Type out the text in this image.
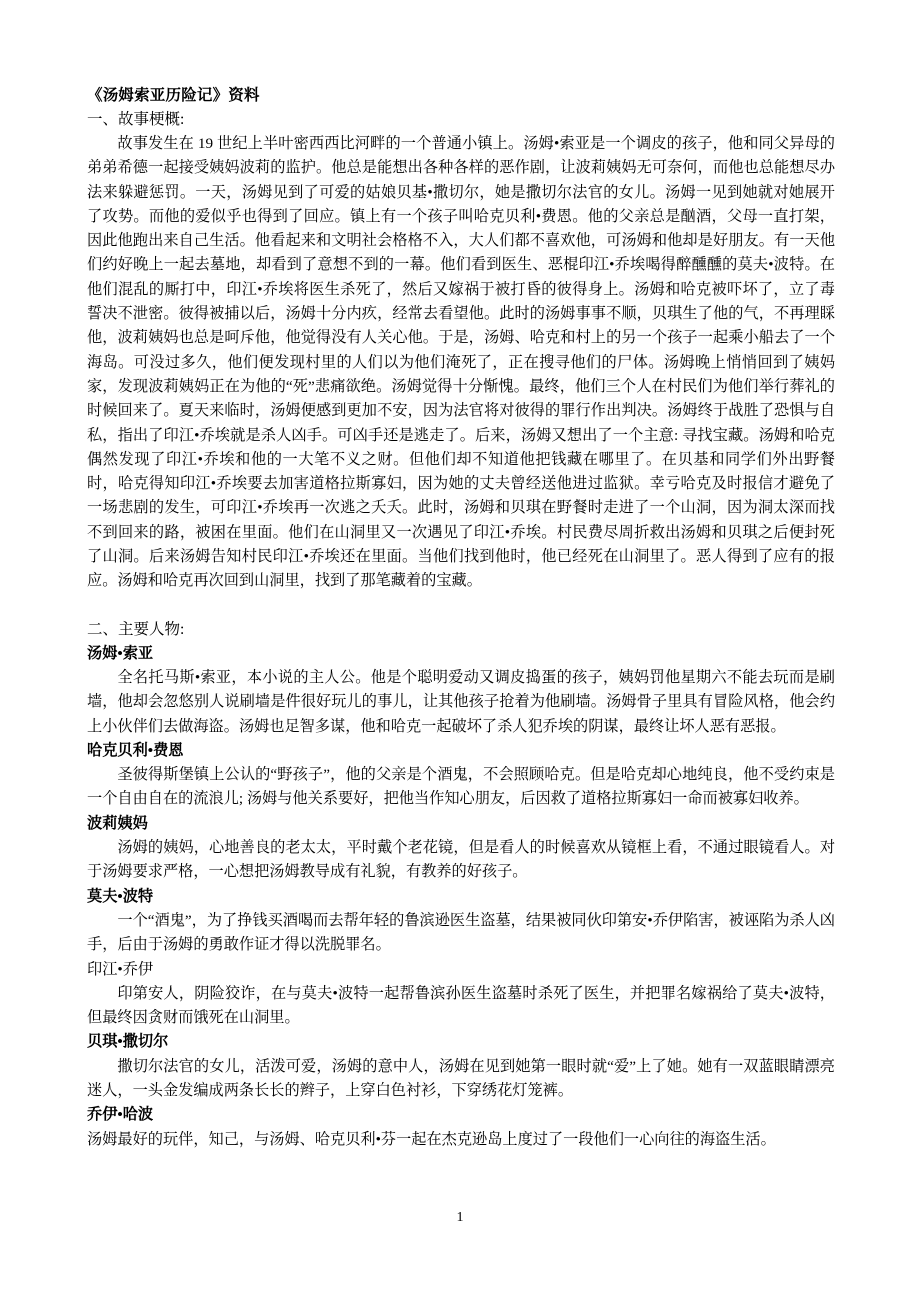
《汤姆索亚历险记》资料
一、故事梗概:

故事发生在 19 世纪上半叶密西西比河畔的一个普通小镇上。汤姆•索亚是一个调皮的孩子，他和同父异母的弟弟希德一起接受姨妈波莉的监护。他总是能想出各种各样的恶作剧，让波莉姨妈无可奈何，而他也总能想尽办法来躲避惩罚。一天，汤姆见到了可爱的姑娘贝基•撒切尔，她是撒切尔法官的女儿。汤姆一见到她就对她展开了攻势。而他的爱似乎也得到了回应。镇上有一个孩子叫哈克贝利•费恩。他的父亲总是酗酒，父母一直打架，因此他跑出来自己生活。他看起来和文明社会格格不入，大人们都不喜欢他，可汤姆和他却是好朋友。有一天他们约好晚上一起去墓地，却看到了意想不到的一幕。他们看到医生、恶棍印江•乔埃喝得醉醺醺的莫夫•波特。在他们混乱的厮打中，印江•乔埃将医生杀死了，然后又嫁祸于被打昏的彼得身上。汤姆和哈克被吓坏了，立了毒誓决不泄密。彼得被捕以后，汤姆十分内疚，经常去看望他。此时的汤姆事事不顺，贝琪生了他的气，不再理睬他，波莉姨妈也总是呵斥他，他觉得没有人关心他。于是，汤姆、哈克和村上的另一个孩子一起乘小船去了一个海岛。可没过多久，他们便发现村里的人们以为他们淹死了，正在搜寻他们的尸体。汤姆晚上悄悄回到了姨妈家，发现波莉姨妈正在为他的“死”悲痛欲绝。汤姆觉得十分惭愧。最终，他们三个人在村民们为他们举行葬礼的时候回来了。夏天来临时，汤姆便感到更加不安，因为法官将对彼得的罪行作出判决。汤姆终于战胜了恐惧与自私，指出了印江•乔埃就是杀人凶手。可凶手还是逃走了。后来，汤姆又想出了一个主意: 寻找宝藏。汤姆和哈克偶然发现了印江•乔埃和他的一大笔不义之财。但他们却不知道他把钱藏在哪里了。在贝基和同学们外出野餐时，哈克得知印江•乔埃要去加害道格拉斯寡妇，因为她的丈夫曾经送他进过监狱。幸亏哈克及时报信才避免了一场悲剧的发生，可印江•乔埃再一次逃之夭夭。此时，汤姆和贝琪在野餐时走进了一个山洞，因为洞太深而找不到回来的路，被困在里面。他们在山洞里又一次遇见了印江•乔埃。村民费尽周折救出汤姆和贝琪之后便封死了山洞。后来汤姆告知村民印江•乔埃还在里面。当他们找到他时，他已经死在山洞里了。恶人得到了应有的报应。汤姆和哈克再次回到山洞里，找到了那笔藏着的宝藏。

二、主要人物:
汤姆•索亚

全名托马斯•索亚，本小说的主人公。他是个聪明爱动又调皮捣蛋的孩子，姨妈罚他星期六不能去玩而是刷墙，他却会忽悠别人说刷墙是件很好玩儿的事儿，让其他孩子抢着为他刷墙。汤姆骨子里具有冒险风格，他会约上小伙伴们去做海盗。汤姆也足智多谋，他和哈克一起破坏了杀人犯乔埃的阴谋，最终让坏人恶有恶报。

哈克贝利•费恩

圣彼得斯堡镇上公认的“野孩子”，他的父亲是个酒鬼，不会照顾哈克。但是哈克却心地纯良，他不受约束是一个自由自在的流浪儿; 汤姆与他关系要好，把他当作知心朋友，后因救了道格拉斯寡妇一命而被寡妇收养。

波莉姨妈

汤姆的姨妈，心地善良的老太太，平时戴个老花镜，但是看人的时候喜欢从镜框上看，不通过眼镜看人。对于汤姆要求严格，一心想把汤姆教导成有礼貌，有教养的好孩子。

莫夫•波特

一个“酒鬼”，为了挣钱买酒喝而去帮年轻的鲁滨逊医生盗墓，结果被同伙印第安•乔伊陷害，被诬陷为杀人凶手，后由于汤姆的勇敢作证才得以洗脱罪名。

印江•乔伊

印第安人，阴险狡诈，在与莫夫•波特一起帮鲁滨孙医生盗墓时杀死了医生，并把罪名嫁祸给了莫夫•波特，但最终因贪财而饿死在山洞里。

贝琪•撒切尔

撒切尔法官的女儿，活泼可爱，汤姆的意中人，汤姆在见到她第一眼时就“爱”上了她。她有一双蓝眼睛漂亮迷人，一头金发编成两条长长的辫子，上穿白色衬衫，下穿绣花灯笼裤。

乔伊•哈波

汤姆最好的玩伴，知己，与汤姆、哈克贝利•芬一起在杰克逊岛上度过了一段他们一心向往的海盗生活。

1
